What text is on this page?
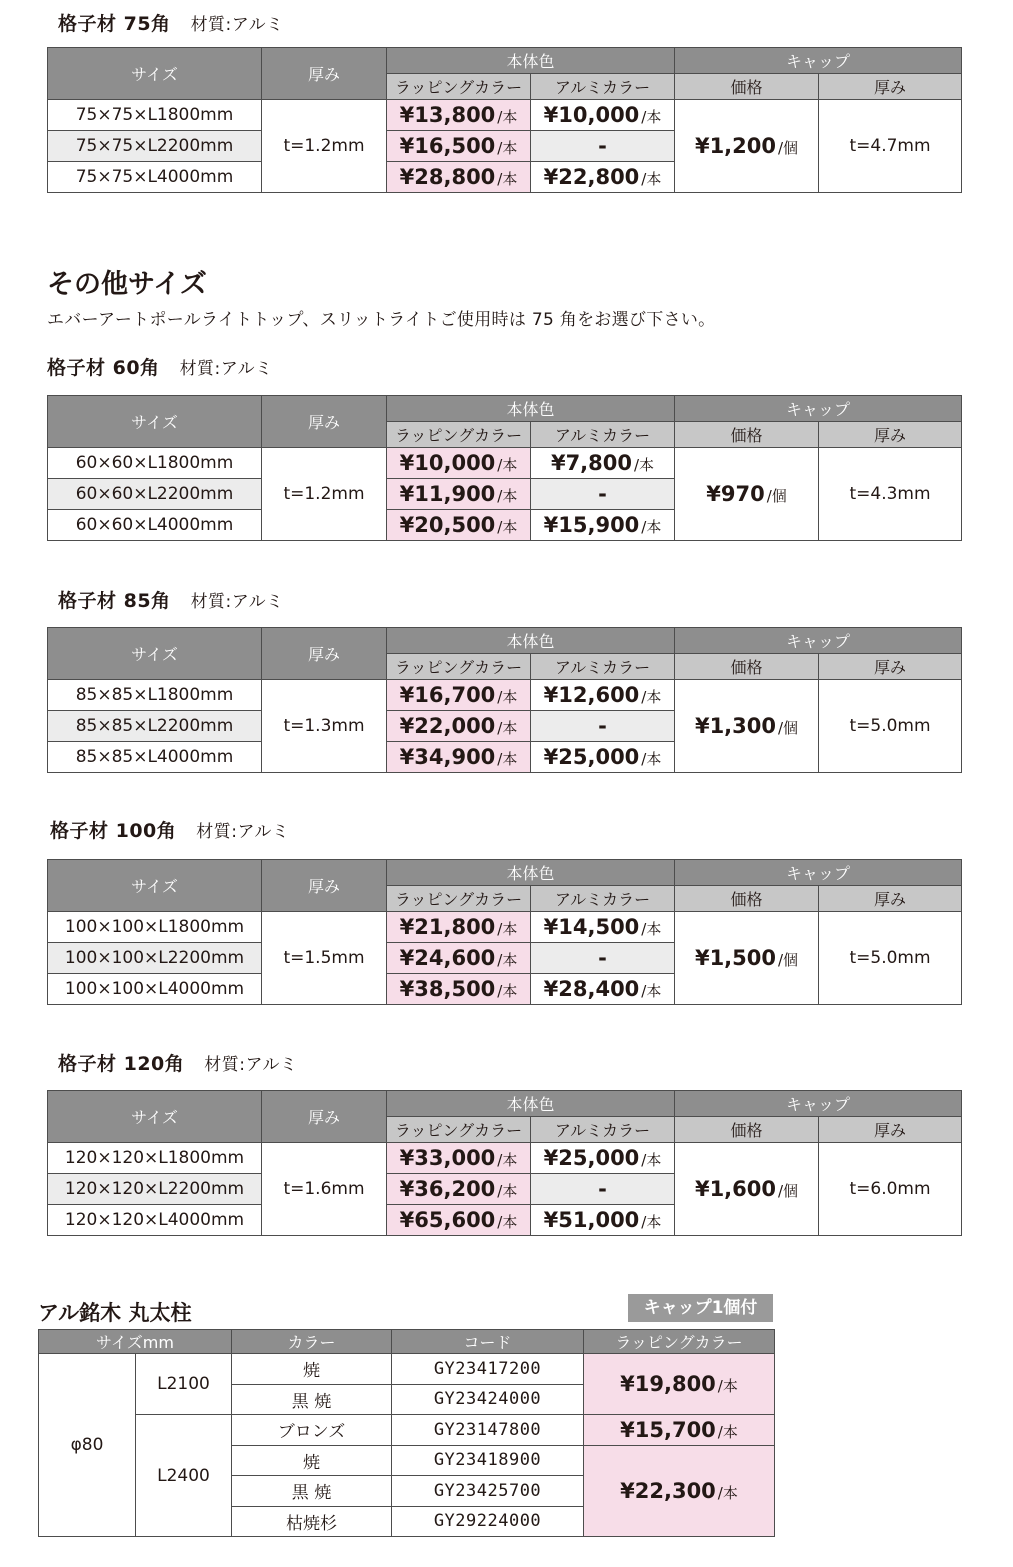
格子材 75角 材質:アルミ
サイズ	厚み	本体色		キャップ	
		ラッピングカラー	アルミカラー	価格	厚み
75×75×L1800mm	t=1.2mm	¥13,800 /本	¥10,000 /本	¥1,200 /個	t=4.7mm
75×75×L2200mm		¥16,500 /本	-		
75×75×L4000mm		¥28,800 /本	¥22,800 /本		
格子材 60角 材質:アルミ
サイズ	厚み	本体色		キャップ	
		ラッピングカラー	アルミカラー	価格	厚み
60×60×L1800mm	t=1.2mm	¥10,000 /本	¥7,800 /本	¥970 /個	t=4.3mm
60×60×L2200mm		¥11,900 /本	-		
60×60×L4000mm		¥20,500 /本	¥15,900 /本		
格子材 85角 材質:アルミ
サイズ	厚み	本体色		キャップ	
		ラッピングカラー	アルミカラー	価格	厚み
85×85×L1800mm	t=1.3mm	¥16,700 /本	¥12,600 /本	¥1,300 /個	t=5.0mm
85×85×L2200mm		¥22,000 /本	-		
85×85×L4000mm		¥34,900 /本	¥25,000 /本		
格子材 100角 材質:アルミ
サイズ	厚み	本体色		キャップ	
		ラッピングカラー	アルミカラー	価格	厚み
100×100×L1800mm	t=1.5mm	¥21,800 /本	¥14,500 /本	¥1,500 /個	t=5.0mm
100×100×L2200mm		¥24,600 /本	-		
100×100×L4000mm		¥38,500 /本	¥28,400 /本		
格子材 120角 材質:アルミ
サイズ	厚み	本体色		キャップ	
		ラッピングカラー	アルミカラー	価格	厚み
120×120×L1800mm	t=1.6mm	¥33,000 /本	¥25,000 /本	¥1,600 /個	t=6.0mm
120×120×L2200mm		¥36,200 /本	-		
120×120×L4000mm		¥65,600 /本	¥51,000 /本		
その他サイズ
エバーアートポールライトトップ、スリットライトご使用時は 75 角をお選び下さい。
アル銘木 丸太柱	キャップ1個付
サイズmm		カラー	コード	ラッピングカラー
φ80	L2100	焼	GY23417200	¥19,800 /本
		黒 焼	GY23424000	
	L2400	ブロンズ	GY23147800	¥15,700 /本
		焼	GY23418900	¥22,300 /本
		黒 焼	GY23425700	
		枯焼杉	GY29224000	
